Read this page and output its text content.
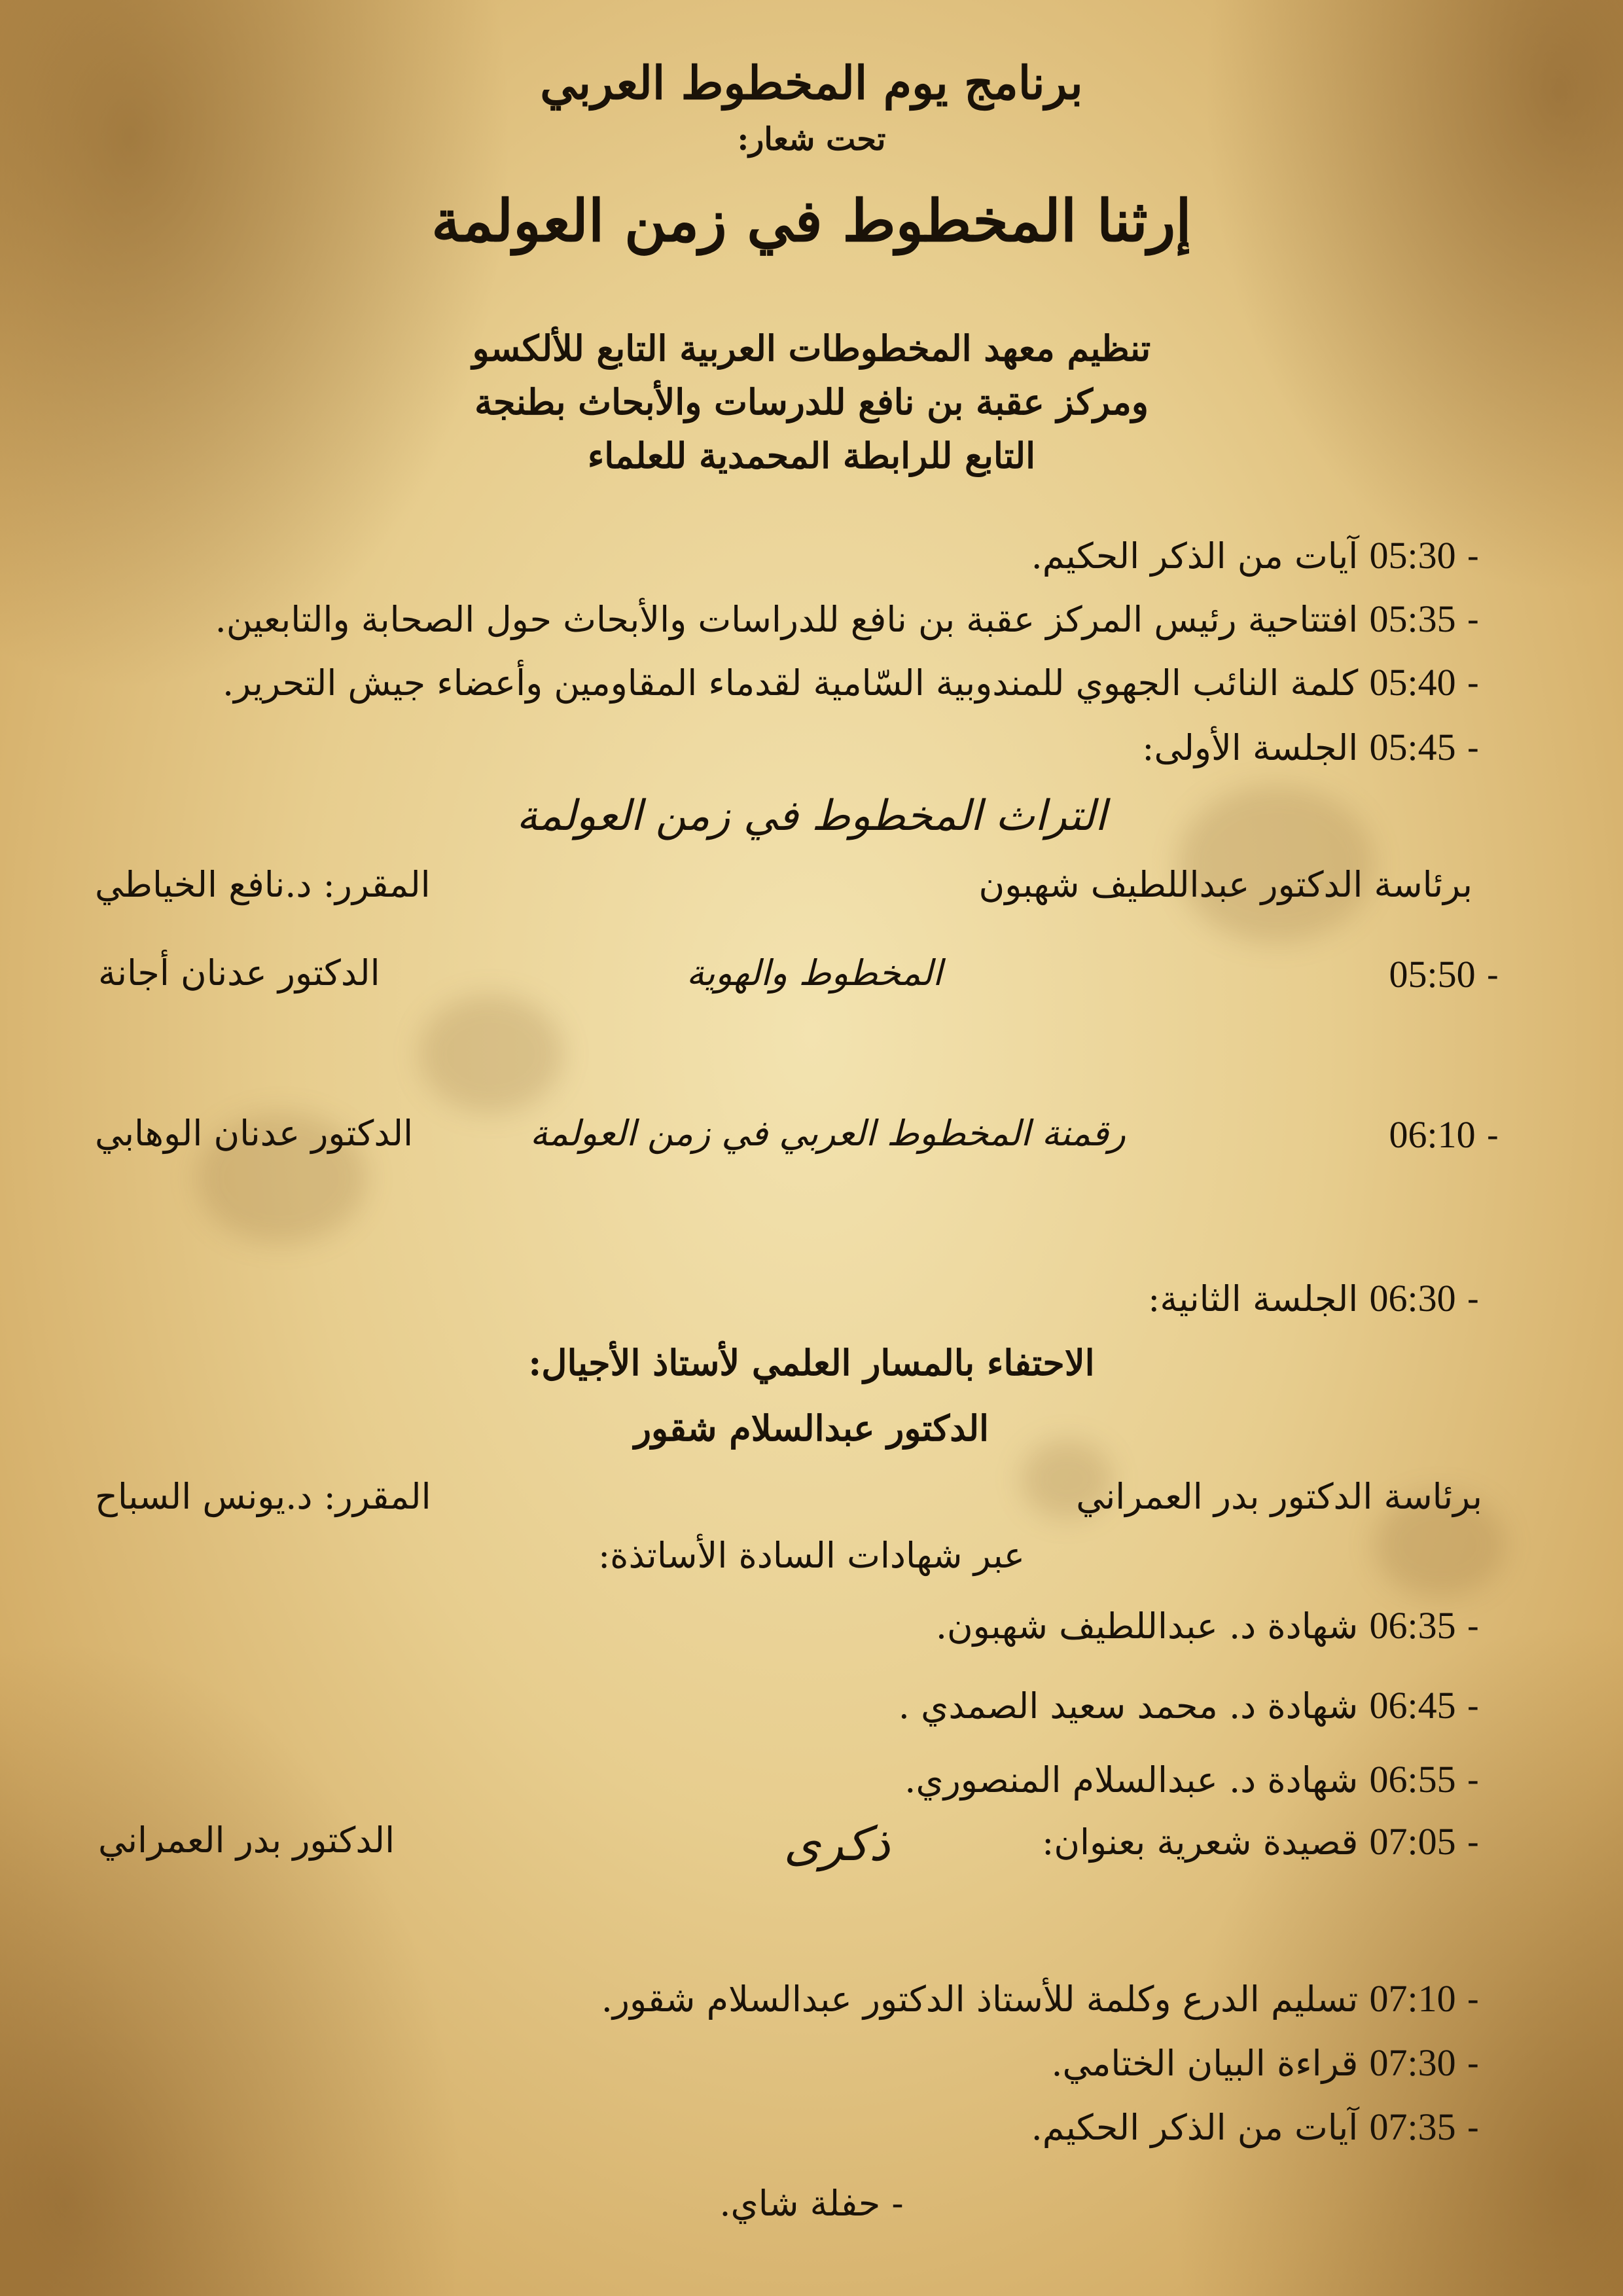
برنامج يوم المخطوط العربي
تحت شعار:
إرثنا المخطوط في زمن العولمة
تنظيم معهد المخطوطات العربية التابع للألكسو
ومركز عقبة بن نافع للدرسات والأبحاث بطنجة
التابع للرابطة المحمدية للعلماء
- 05:30 آيات من الذكر الحكيم.
- 05:35 افتتاحية رئيس المركز عقبة بن نافع للدراسات والأبحاث حول الصحابة والتابعين.
- 05:40 كلمة النائب الجهوي للمندوبية السّامية لقدماء المقاومين وأعضاء جيش التحرير.
- 05:45 الجلسة الأولى:
التراث المخطوط في زمن العولمة
برئاسة الدكتور عبداللطيف شهبون
المقرر: د.نافع الخياطي
- 05:50
المخطوط والهوية
الدكتور عدنان أجانة
- 06:10
رقمنة المخطوط العربي في زمن العولمة
الدكتور عدنان الوهابي
- 06:30 الجلسة الثانية:
الاحتفاء بالمسار العلمي لأستاذ الأجيال:
الدكتور عبدالسلام شقور
برئاسة الدكتور بدر العمراني
المقرر: د.يونس السباح
عبر شهادات السادة الأساتذة:
- 06:35 شهادة د. عبداللطيف شهبون.
- 06:45 شهادة د. محمد سعيد الصمدي .
- 06:55 شهادة د. عبدالسلام المنصوري.
- 07:05 قصيدة شعرية بعنوان:
ذكرى
الدكتور بدر العمراني
- 07:10 تسليم الدرع وكلمة للأستاذ الدكتور عبدالسلام شقور.
- 07:30 قراءة البيان الختامي.
- 07:35 آيات من الذكر الحكيم.
- حفلة شاي.
